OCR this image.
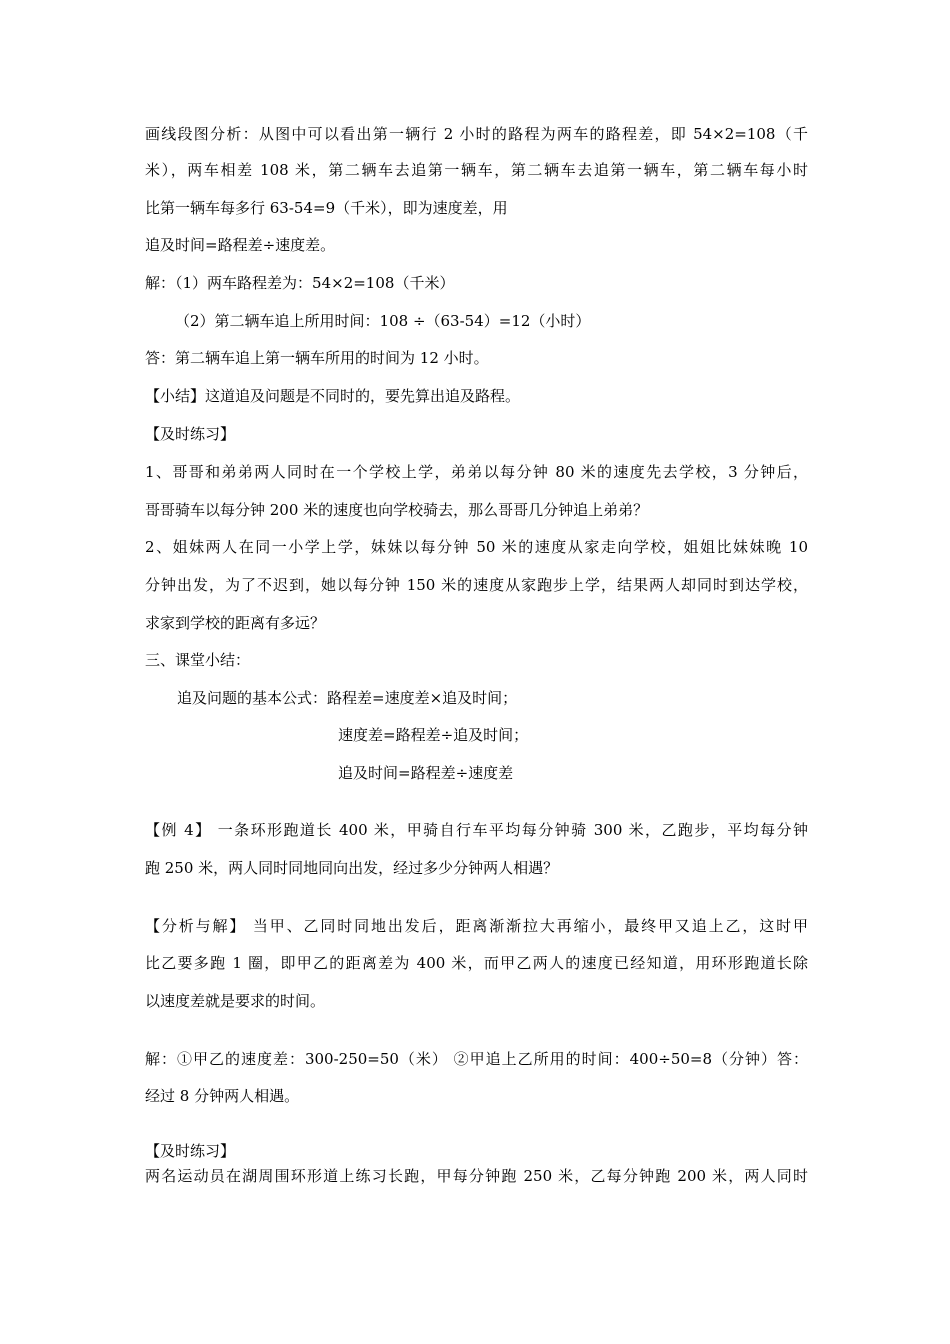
画线段图分析：从图中可以看出第一辆行 2 小时的路程为两车的路程差，即 54×2=108（千
米），两车相差 108 米，第二辆车去追第一辆车，第二辆车去追第一辆车，第二辆车每小时
比第一辆车每多行 63-54=9（千米），即为速度差，用
追及时间=路程差÷速度差。
解：（1）两车路程差为：54×2=108（千米）
（2）第二辆车追上所用时间：108 ÷（63-54）=12（小时）
答：第二辆车追上第一辆车所用的时间为 12 小时。
【小结】这道追及问题是不同时的，要先算出追及路程。
【及时练习】
1、哥哥和弟弟两人同时在一个学校上学，弟弟以每分钟 80 米的速度先去学校，3 分钟后，
哥哥骑车以每分钟 200 米的速度也向学校骑去，那么哥哥几分钟追上弟弟？
2、姐妹两人在同一小学上学，妹妹以每分钟 50 米的速度从家走向学校，姐姐比妹妹晚 10
分钟出发，为了不迟到，她以每分钟 150 米的速度从家跑步上学，结果两人却同时到达学校，
求家到学校的距离有多远？
三、课堂小结：
追及问题的基本公式：路程差=速度差×追及时间；
速度差=路程差÷追及时间；
追及时间=路程差÷速度差
【例 4】 一条环形跑道长 400 米，甲骑自行车平均每分钟骑 300 米，乙跑步，平均每分钟
跑 250 米，两人同时同地同向出发，经过多少分钟两人相遇？
【分析与解】 当甲、乙同时同地出发后，距离渐渐拉大再缩小，最终甲又追上乙，这时甲
比乙要多跑 1 圈，即甲乙的距离差为 400 米，而甲乙两人的速度已经知道，用环形跑道长除
以速度差就是要求的时间。
解：①甲乙的速度差：300-250=50（米） ②甲追上乙所用的时间：400÷50=8（分钟）答：
经过 8 分钟两人相遇。
【及时练习】
两名运动员在湖周围环形道上练习长跑，甲每分钟跑 250 米，乙每分钟跑 200 米，两人同时
